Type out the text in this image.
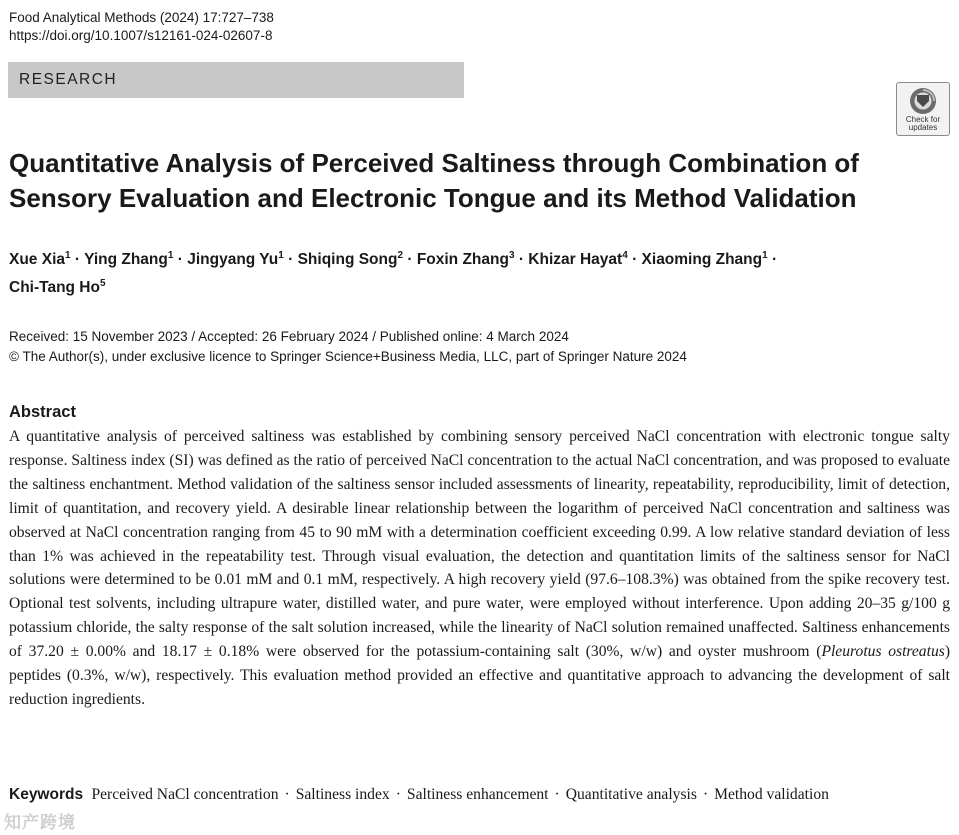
Food Analytical Methods (2024) 17:727–738
https://doi.org/10.1007/s12161-024-02607-8
RESEARCH
Check for
updates
Quantitative Analysis of Perceived Saltiness through Combination of
Sensory Evaluation and Electronic Tongue and its Method Validation
Xue Xia$^1$ · Ying Zhang$^1$ · Jingyang $Yu^1$ · Shiqing Song$^2$ · Foxin Zhang$^3$ · Khizar Hayat$^4$ · Xiaoming Zhang$^1$ ·
Chi-Tang Ho$^5$
Received: 15 November 2023 / Accepted: 26 February 2024 / Published online: 4 March 2024
© The Author(s), under exclusive licence to Springer Science+Business Media, LLC, part of Springer Nature 2024
Abstract

A quantitative analysis of perceived saltiness was established by combining sensory perceived NaCl concentration with electronic tongue salty response. Saltiness index (SI) was defined as the ratio of perceived NaCl concentration to the actual NaCl concentration, and was proposed to evaluate the saltiness enchantment. Method validation of the saltiness sensor included assessments of linearity, repeatability, reproducibility, limit of detection, limit of quantitation, and recovery yield. A desirable linear relationship between the logarithm of perceived NaCl concentration and saltiness was observed at NaCl concentration ranging from 45 to 90 mM with a determination coefficient exceeding 0.99. A low relative standard deviation of less than 1% was achieved in the repeatability test. Through visual evaluation, the detection and quantitation limits of the saltiness sensor for NaCl solutions were determined to be 0.01 mM and 0.1 mM, respectively. A high recovery yield (97.6–108.3%) was obtained from the spike recovery test. Optional test solvents, including ultrapure water, distilled water, and pure water, were employed without interference. Upon adding 20–35 g/100 g potassium chloride, the salty response of the salt solution increased, while the linearity of NaCl solution remained unaffected. Saltiness enhancements of 37.20 ± 0.00% and 18.17 ± 0.18% were observed for the potassium-containing salt (30%, w/w) and oyster mushroom (Pleurotus ostreatus) peptides (0.3%, w/w), respectively. This evaluation method provided an effective and quantitative approach to advancing the development of salt reduction ingredients.

Keywords Perceived NaCl concentration · Saltiness index · Saltiness enhancement · Quantitative analysis · Method validation
知产跨境
